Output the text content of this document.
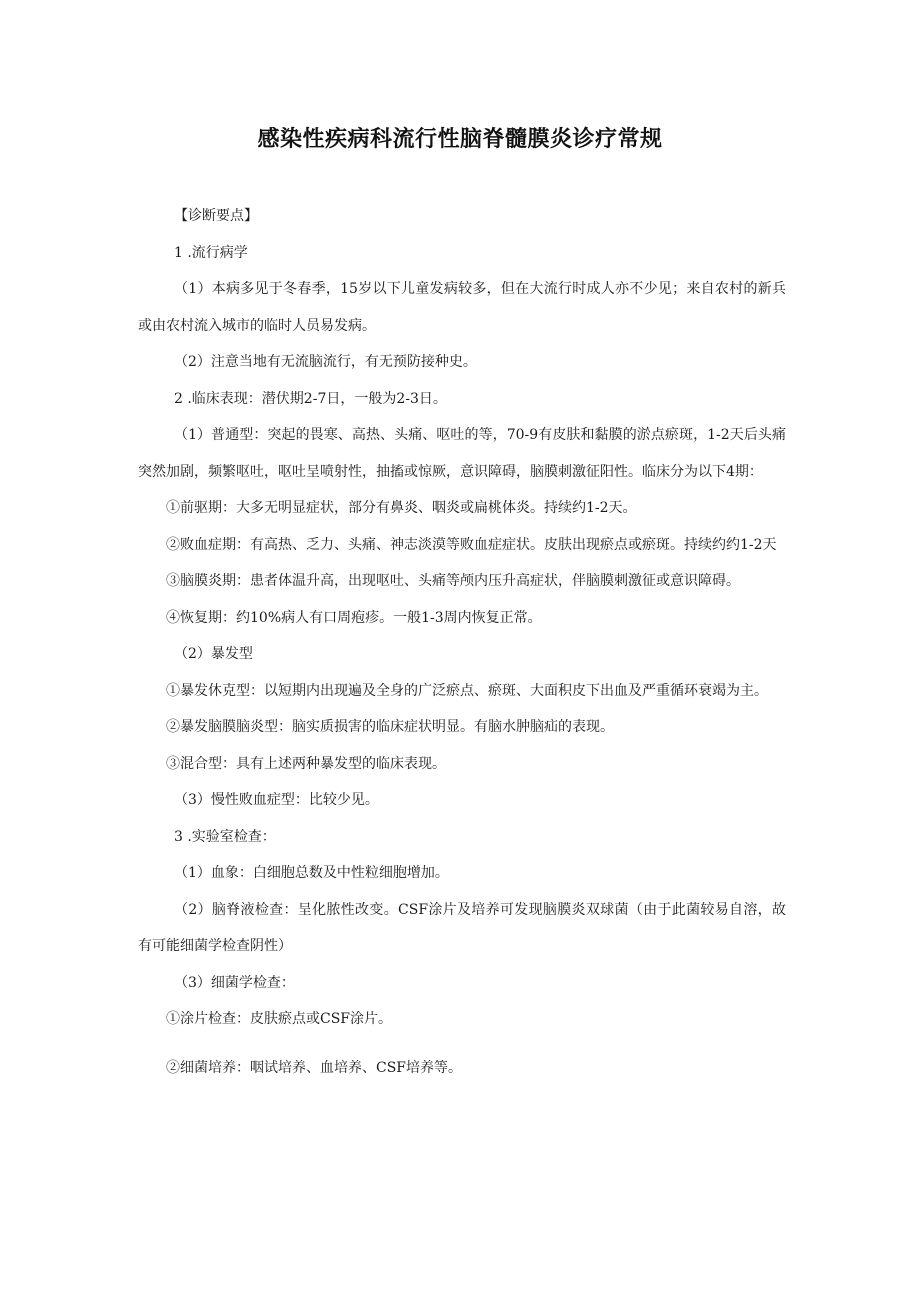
感染性疾病科流行性脑脊髓膜炎诊疗常规

【诊断要点】

1 .流行病学

（1）本病多见于冬春季，15岁以下儿童发病较多，但在大流行时成人亦不少见；来自农村的新兵或由农村流入城市的临时人员易发病。

（2）注意当地有无流脑流行，有无预防接种史。

2 .临床表现：潜伏期2-7日，一般为2-3日。

（1）普通型：突起的畏寒、高热、头痛、呕吐的等，70-9有皮肤和黏膜的淤点瘀斑，1-2天后头痛突然加剧，频繁呕吐，呕吐呈喷射性，抽搐或惊厥，意识障碍，脑膜刺激征阳性。临床分为以下4期：

①前驱期：大多无明显症状，部分有鼻炎、咽炎或扁桃体炎。持续约1-2天。

②败血症期：有高热、乏力、头痛、神志淡漠等败血症症状。皮肤出现瘀点或瘀斑。持续约约1-2天

③脑膜炎期：患者体温升高，出现呕吐、头痛等颅内压升高症状，伴脑膜刺激征或意识障碍。

④恢复期：约10%病人有口周疱疹。一般1-3周内恢复正常。

（2）暴发型

①暴发休克型：以短期内出现遍及全身的广泛瘀点、瘀斑、大面积皮下出血及严重循环衰竭为主。

②暴发脑膜脑炎型：脑实质损害的临床症状明显。有脑水肿脑疝的表现。

③混合型：具有上述两种暴发型的临床表现。

（3）慢性败血症型：比较少见。

3 .实验室检查：

（1）血象：白细胞总数及中性粒细胞增加。

（2）脑脊液检查：呈化脓性改变。CSF涂片及培养可发现脑膜炎双球菌（由于此菌较易自溶，故有可能细菌学检查阴性）

（3）细菌学检查：

①涂片检查：皮肤瘀点或CSF涂片。

②细菌培养：咽试培养、血培养、CSF培养等。
